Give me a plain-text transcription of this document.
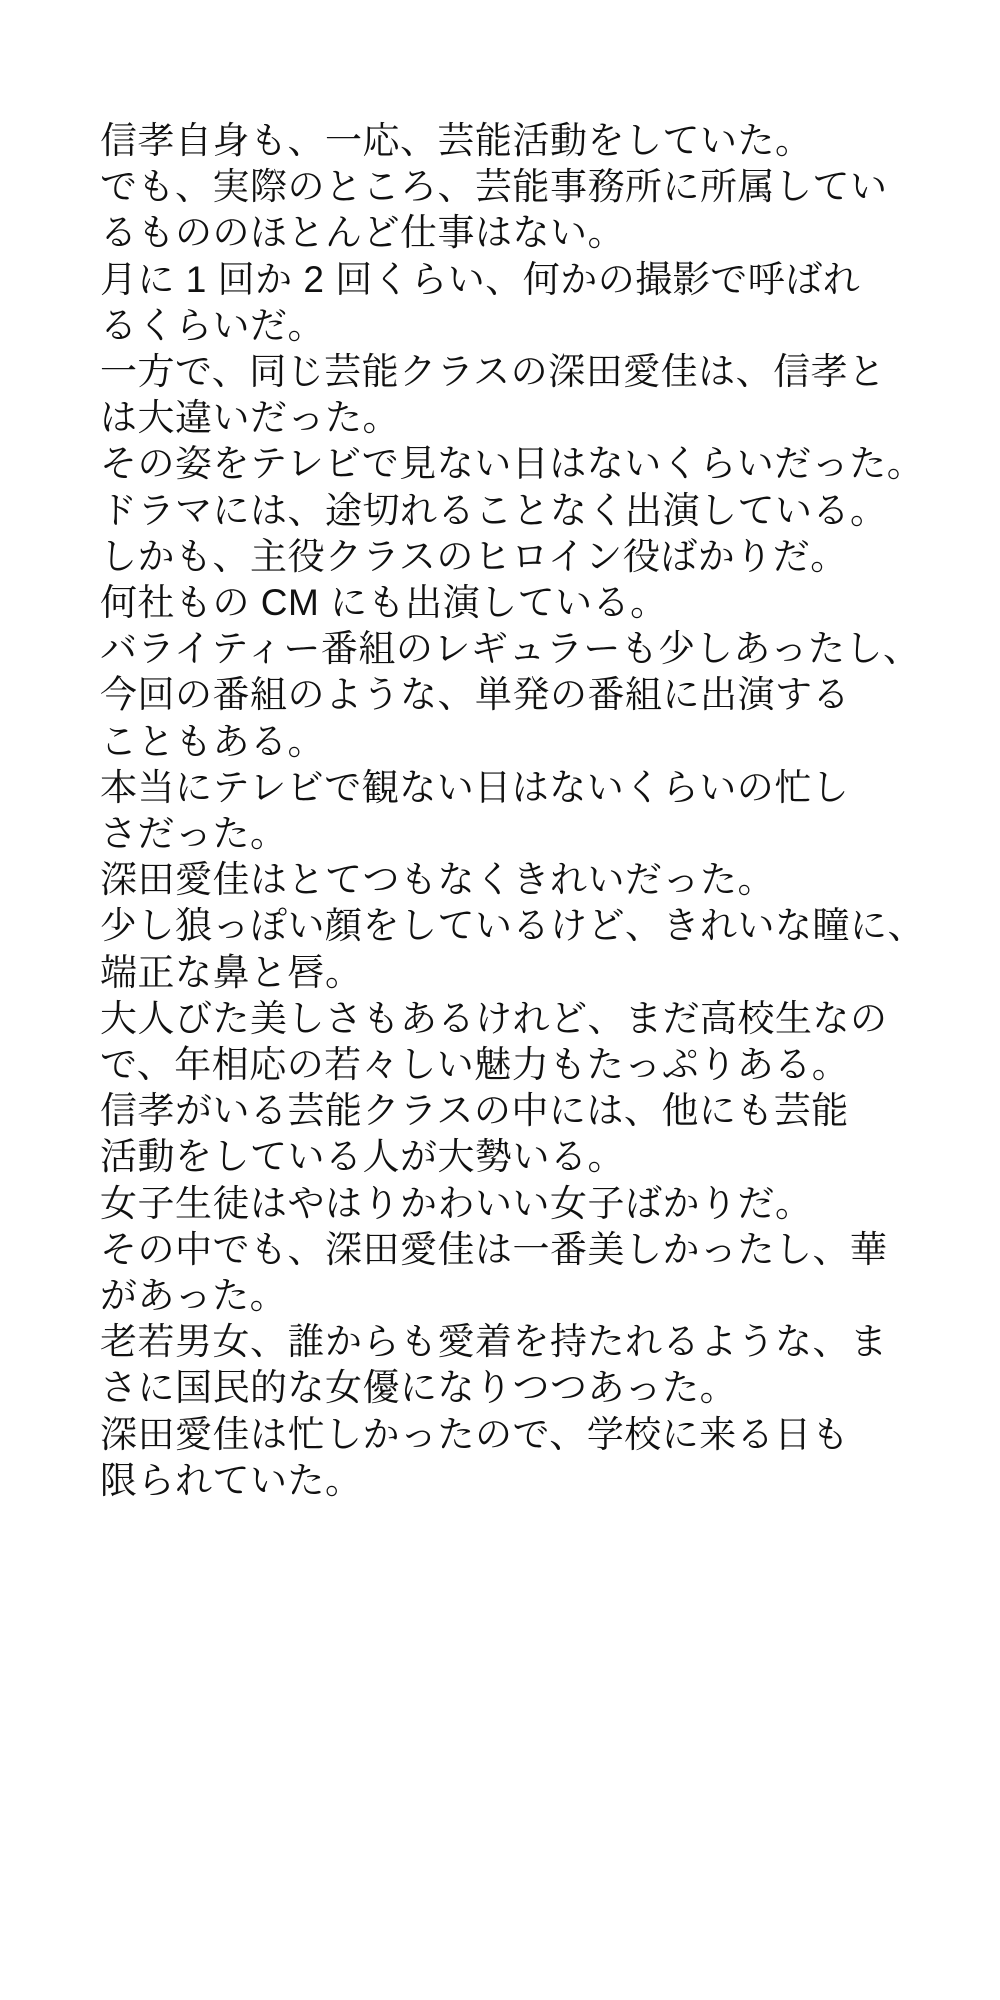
信孝自身も、一応、芸能活動をしていた。
でも、実際のところ、芸能事務所に所属してい
るもののほとんど仕事はない。
月に 1 回か 2 回くらい、何かの撮影で呼ばれ
るくらいだ。
一方で、同じ芸能クラスの深田愛佳は、信孝と
は大違いだった。
その姿をテレビで見ない日はないくらいだった。
ドラマには、途切れることなく出演している。
しかも、主役クラスのヒロイン役ばかりだ。
何社もの CM にも出演している。
バライティー番組のレギュラーも少しあったし、
今回の番組のような、単発の番組に出演する
こともある。
本当にテレビで観ない日はないくらいの忙し
さだった。
深田愛佳はとてつもなくきれいだった。
少し狼っぽい顔をしているけど、きれいな瞳に、
端正な鼻と唇。
大人びた美しさもあるけれど、まだ高校生なの
で、年相応の若々しい魅力もたっぷりある。
信孝がいる芸能クラスの中には、他にも芸能
活動をしている人が大勢いる。
女子生徒はやはりかわいい女子ばかりだ。
その中でも、深田愛佳は一番美しかったし、華
があった。
老若男女、誰からも愛着を持たれるような、ま
さに国民的な女優になりつつあった。
深田愛佳は忙しかったので、学校に来る日も
限られていた。
